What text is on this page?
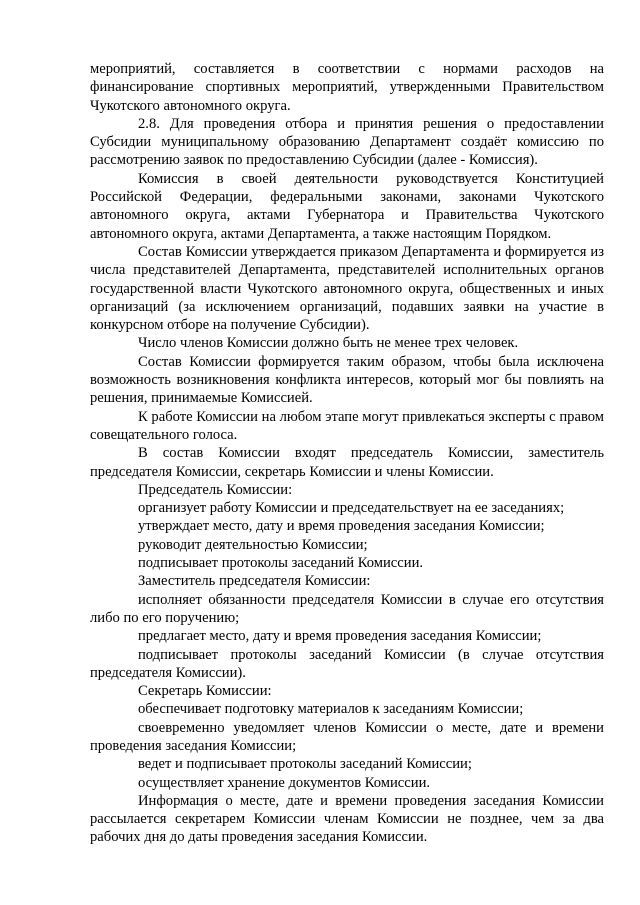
мероприятий, составляется в соответствии с нормами расходов на финансирование спортивных мероприятий, утвержденными Правительством Чукотского автономного округа.

2.8. Для проведения отбора и принятия решения о предоставлении Субсидии муниципальному образованию Департамент создаёт комиссию по рассмотрению заявок по предоставлению Субсидии (далее - Комиссия).

Комиссия в своей деятельности руководствуется Конституцией Российской Федерации, федеральными законами, законами Чукотского автономного округа, актами Губернатора и Правительства Чукотского автономного округа, актами Департамента, а также настоящим Порядком.

Состав Комиссии утверждается приказом Департамента и формируется из числа представителей Департамента, представителей исполнительных органов государственной власти Чукотского автономного округа, общественных и иных организаций (за исключением организаций, подавших заявки на участие в конкурсном отборе на получение Субсидии).

Число членов Комиссии должно быть не менее трех человек.

Состав Комиссии формируется таким образом, чтобы была исключена возможность возникновения конфликта интересов, который мог бы повлиять на решения, принимаемые Комиссией.

К работе Комиссии на любом этапе могут привлекаться эксперты с правом совещательного голоса.

В состав Комиссии входят председатель Комиссии, заместитель председателя Комиссии, секретарь Комиссии и члены Комиссии.

Председатель Комиссии:

организует работу Комиссии и председательствует на ее заседаниях;

утверждает место, дату и время проведения заседания Комиссии;

руководит деятельностью Комиссии;

подписывает протоколы заседаний Комиссии.

Заместитель председателя Комиссии:

исполняет обязанности председателя Комиссии в случае его отсутствия либо по его поручению;

предлагает место, дату и время проведения заседания Комиссии;

подписывает протоколы заседаний Комиссии (в случае отсутствия председателя Комиссии).

Секретарь Комиссии:

обеспечивает подготовку материалов к заседаниям Комиссии;

своевременно уведомляет членов Комиссии о месте, дате и времени проведения заседания Комиссии;

ведет и подписывает протоколы заседаний Комиссии;

осуществляет хранение документов Комиссии.

Информация о месте, дате и времени проведения заседания Комиссии рассылается секретарем Комиссии членам Комиссии не позднее, чем за два рабочих дня до даты проведения заседания Комиссии.
